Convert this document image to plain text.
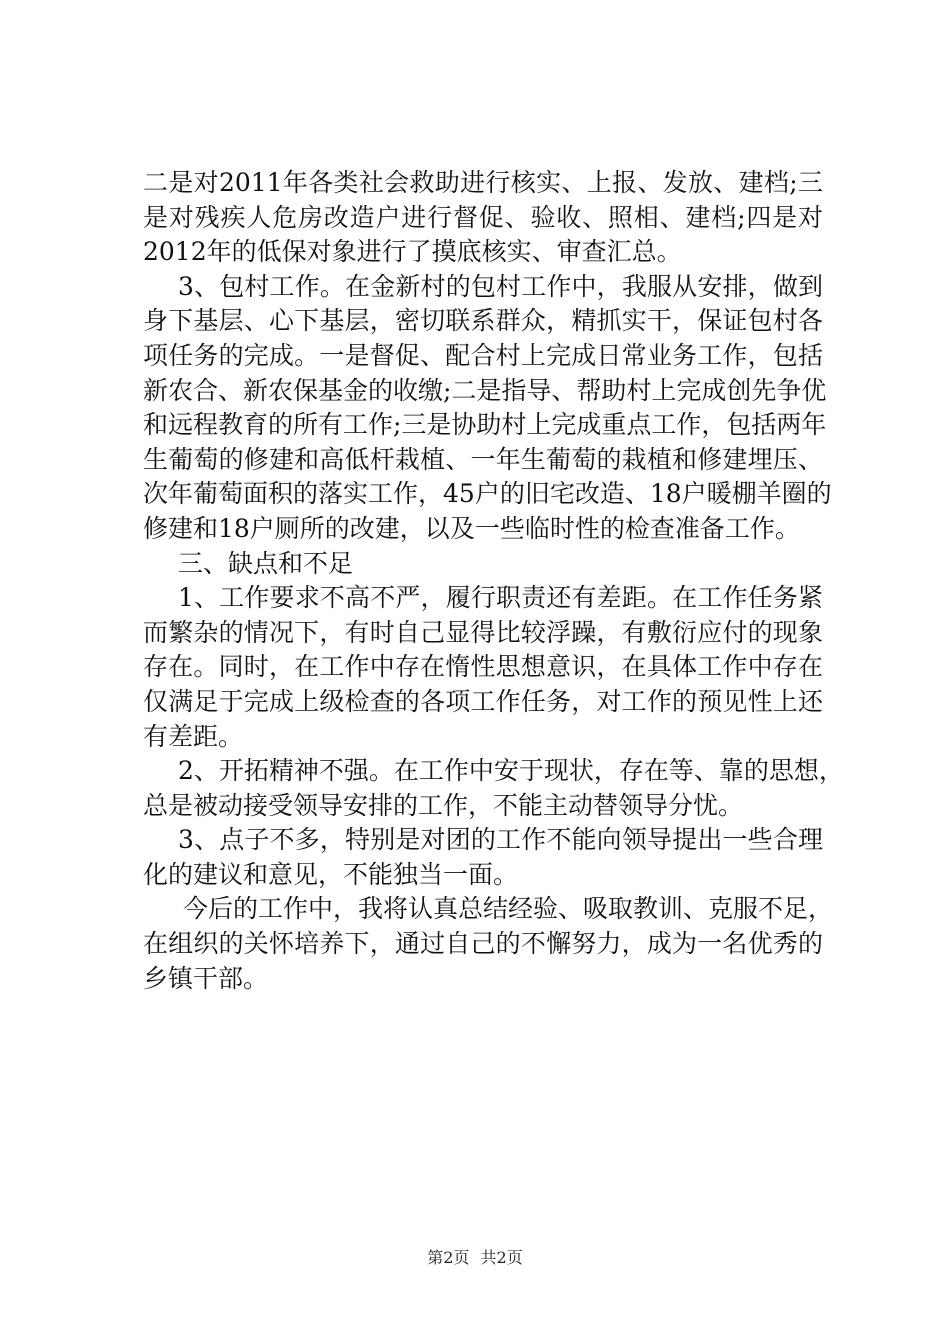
二是对2011年各类社会救助进行核实、上报、发放、建档;三
是对残疾人危房改造户进行督促、验收、照相、建档;四是对
2012年的低保对象进行了摸底核实、审查汇总。
3、包村工作。在金新村的包村工作中，我服从安排，做到
身下基层、心下基层，密切联系群众，精抓实干，保证包村各
项任务的完成。一是督促、配合村上完成日常业务工作，包括
新农合、新农保基金的收缴;二是指导、帮助村上完成创先争优
和远程教育的所有工作;三是协助村上完成重点工作，包括两年
生葡萄的修建和高低杆栽植、一年生葡萄的栽植和修建埋压、
次年葡萄面积的落实工作，45户的旧宅改造、18户暖棚羊圈的
修建和18户厕所的改建，以及一些临时性的检查准备工作。
三、缺点和不足
1、工作要求不高不严，履行职责还有差距。在工作任务紧
而繁杂的情况下，有时自己显得比较浮躁，有敷衍应付的现象
存在。同时，在工作中存在惰性思想意识，在具体工作中存在
仅满足于完成上级检查的各项工作任务，对工作的预见性上还
有差距。
2、开拓精神不强。在工作中安于现状，存在等、靠的思想，
总是被动接受领导安排的工作，不能主动替领导分忧。
3、点子不多，特别是对团的工作不能向领导提出一些合理
化的建议和意见，不能独当一面。
今后的工作中，我将认真总结经验、吸取教训、克服不足，
在组织的关怀培养下，通过自己的不懈努力，成为一名优秀的
乡镇干部。
第2页 共2页
